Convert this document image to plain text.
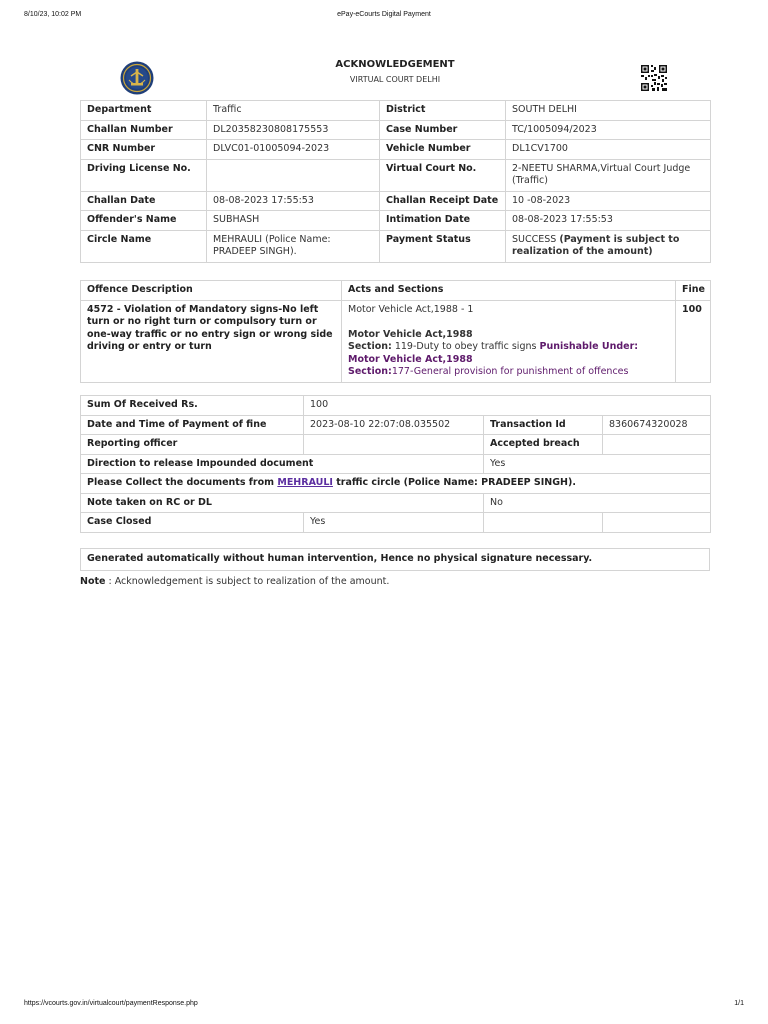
8/10/23, 10:02 PM	ePay-eCourts Digital Payment
ACKNOWLEDGEMENT
VIRTUAL COURT DELHI
Department	Traffic	District	SOUTH DELHI
Challan Number	DL20358230808175553	Case Number	TC/1005094/2023
CNR Number	DLVC01-01005094-2023	Vehicle Number	DL1CV1700
Driving License No.		Virtual Court No.	2-NEETU SHARMA,Virtual Court Judge (Traffic)
Challan Date	08-08-2023 17:55:53	Challan Receipt Date	10 -08-2023
Offender's Name	SUBHASH	Intimation Date	08-08-2023 17:55:53
Circle Name	MEHRAULI (Police Name: PRADEEP SINGH).	Payment Status	SUCCESS (Payment is subject to realization of the amount)
Offence Description	Acts and Sections	Fine
4572 - Violation of Mandatory signs-No left turn or no right turn or compulsory turn or one-way traffic or no entry sign or wrong side driving or entry or turn	Motor Vehicle Act,1988 - 1
Motor Vehicle Act,1988
Section: 119-Duty to obey traffic signs Punishable Under:
Motor Vehicle Act,1988
Section:177-General provision for punishment of offences	100
Sum Of Received Rs.	100		
Date and Time of Payment of fine	2023-08-10 22:07:08.035502	Transaction Id	8360674320028
Reporting officer		Accepted breach	
Direction to release Impounded document		Yes	
Please Collect the documents from MEHRAULI traffic circle (Police Name: PRADEEP SINGH).			
Note taken on RC or DL		No	
Case Closed	Yes		
Generated automatically without human intervention, Hence no physical signature necessary.
Note : Acknowledgement is subject to realization of the amount.
https://vcourts.gov.in/virtualcourt/paymentResponse.php	1/1
